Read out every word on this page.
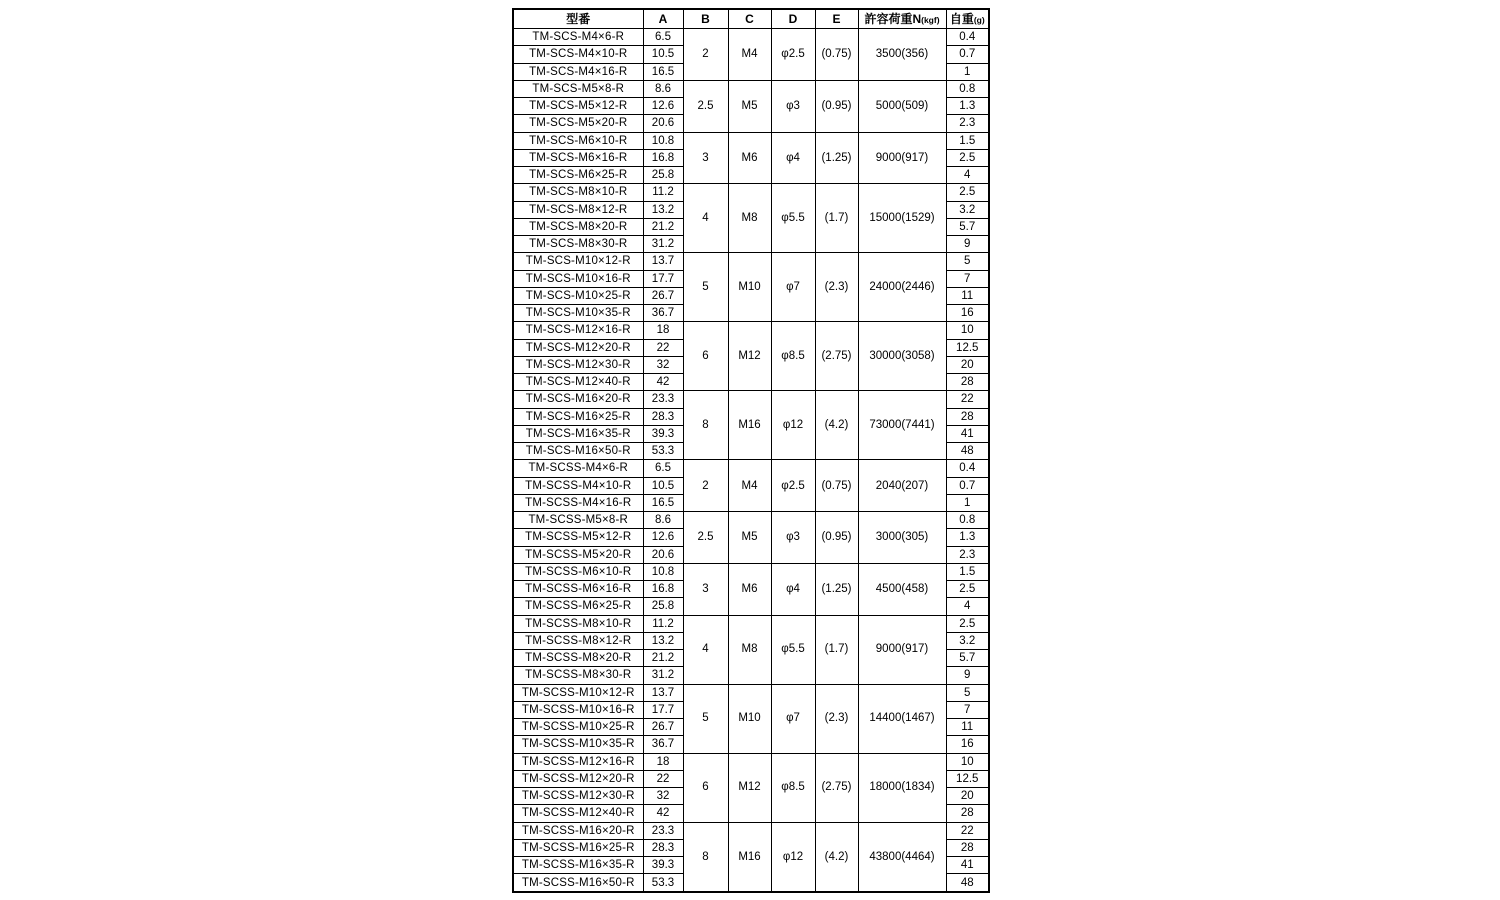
型番	A	B	C	D	E	許容荷重N(kgf)	自重(g)
TM-SCS-M4×6-R	6.5	2	M4	φ2.5	(0.75)	3500(356)	0.4
TM-SCS-M4×10-R	10.5						0.7
TM-SCS-M4×16-R	16.5						1
TM-SCS-M5×8-R	8.6	2.5	M5	φ3	(0.95)	5000(509)	0.8
TM-SCS-M5×12-R	12.6						1.3
TM-SCS-M5×20-R	20.6						2.3
TM-SCS-M6×10-R	10.8	3	M6	φ4	(1.25)	9000(917)	1.5
TM-SCS-M6×16-R	16.8						2.5
TM-SCS-M6×25-R	25.8						4
TM-SCS-M8×10-R	11.2	4	M8	φ5.5	(1.7)	15000(1529)	2.5
TM-SCS-M8×12-R	13.2						3.2
TM-SCS-M8×20-R	21.2						5.7
TM-SCS-M8×30-R	31.2						9
TM-SCS-M10×12-R	13.7	5	M10	φ7	(2.3)	24000(2446)	5
TM-SCS-M10×16-R	17.7						7
TM-SCS-M10×25-R	26.7						11
TM-SCS-M10×35-R	36.7						16
TM-SCS-M12×16-R	18	6	M12	φ8.5	(2.75)	30000(3058)	10
TM-SCS-M12×20-R	22						12.5
TM-SCS-M12×30-R	32						20
TM-SCS-M12×40-R	42						28
TM-SCS-M16×20-R	23.3	8	M16	φ12	(4.2)	73000(7441)	22
TM-SCS-M16×25-R	28.3						28
TM-SCS-M16×35-R	39.3						41
TM-SCS-M16×50-R	53.3						48
TM-SCSS-M4×6-R	6.5	2	M4	φ2.5	(0.75)	2040(207)	0.4
TM-SCSS-M4×10-R	10.5						0.7
TM-SCSS-M4×16-R	16.5						1
TM-SCSS-M5×8-R	8.6	2.5	M5	φ3	(0.95)	3000(305)	0.8
TM-SCSS-M5×12-R	12.6						1.3
TM-SCSS-M5×20-R	20.6						2.3
TM-SCSS-M6×10-R	10.8	3	M6	φ4	(1.25)	4500(458)	1.5
TM-SCSS-M6×16-R	16.8						2.5
TM-SCSS-M6×25-R	25.8						4
TM-SCSS-M8×10-R	11.2	4	M8	φ5.5	(1.7)	9000(917)	2.5
TM-SCSS-M8×12-R	13.2						3.2
TM-SCSS-M8×20-R	21.2						5.7
TM-SCSS-M8×30-R	31.2						9
TM-SCSS-M10×12-R	13.7	5	M10	φ7	(2.3)	14400(1467)	5
TM-SCSS-M10×16-R	17.7						7
TM-SCSS-M10×25-R	26.7						11
TM-SCSS-M10×35-R	36.7						16
TM-SCSS-M12×16-R	18	6	M12	φ8.5	(2.75)	18000(1834)	10
TM-SCSS-M12×20-R	22						12.5
TM-SCSS-M12×30-R	32						20
TM-SCSS-M12×40-R	42						28
TM-SCSS-M16×20-R	23.3	8	M16	φ12	(4.2)	43800(4464)	22
TM-SCSS-M16×25-R	28.3						28
TM-SCSS-M16×35-R	39.3						41
TM-SCSS-M16×50-R	53.3						48
